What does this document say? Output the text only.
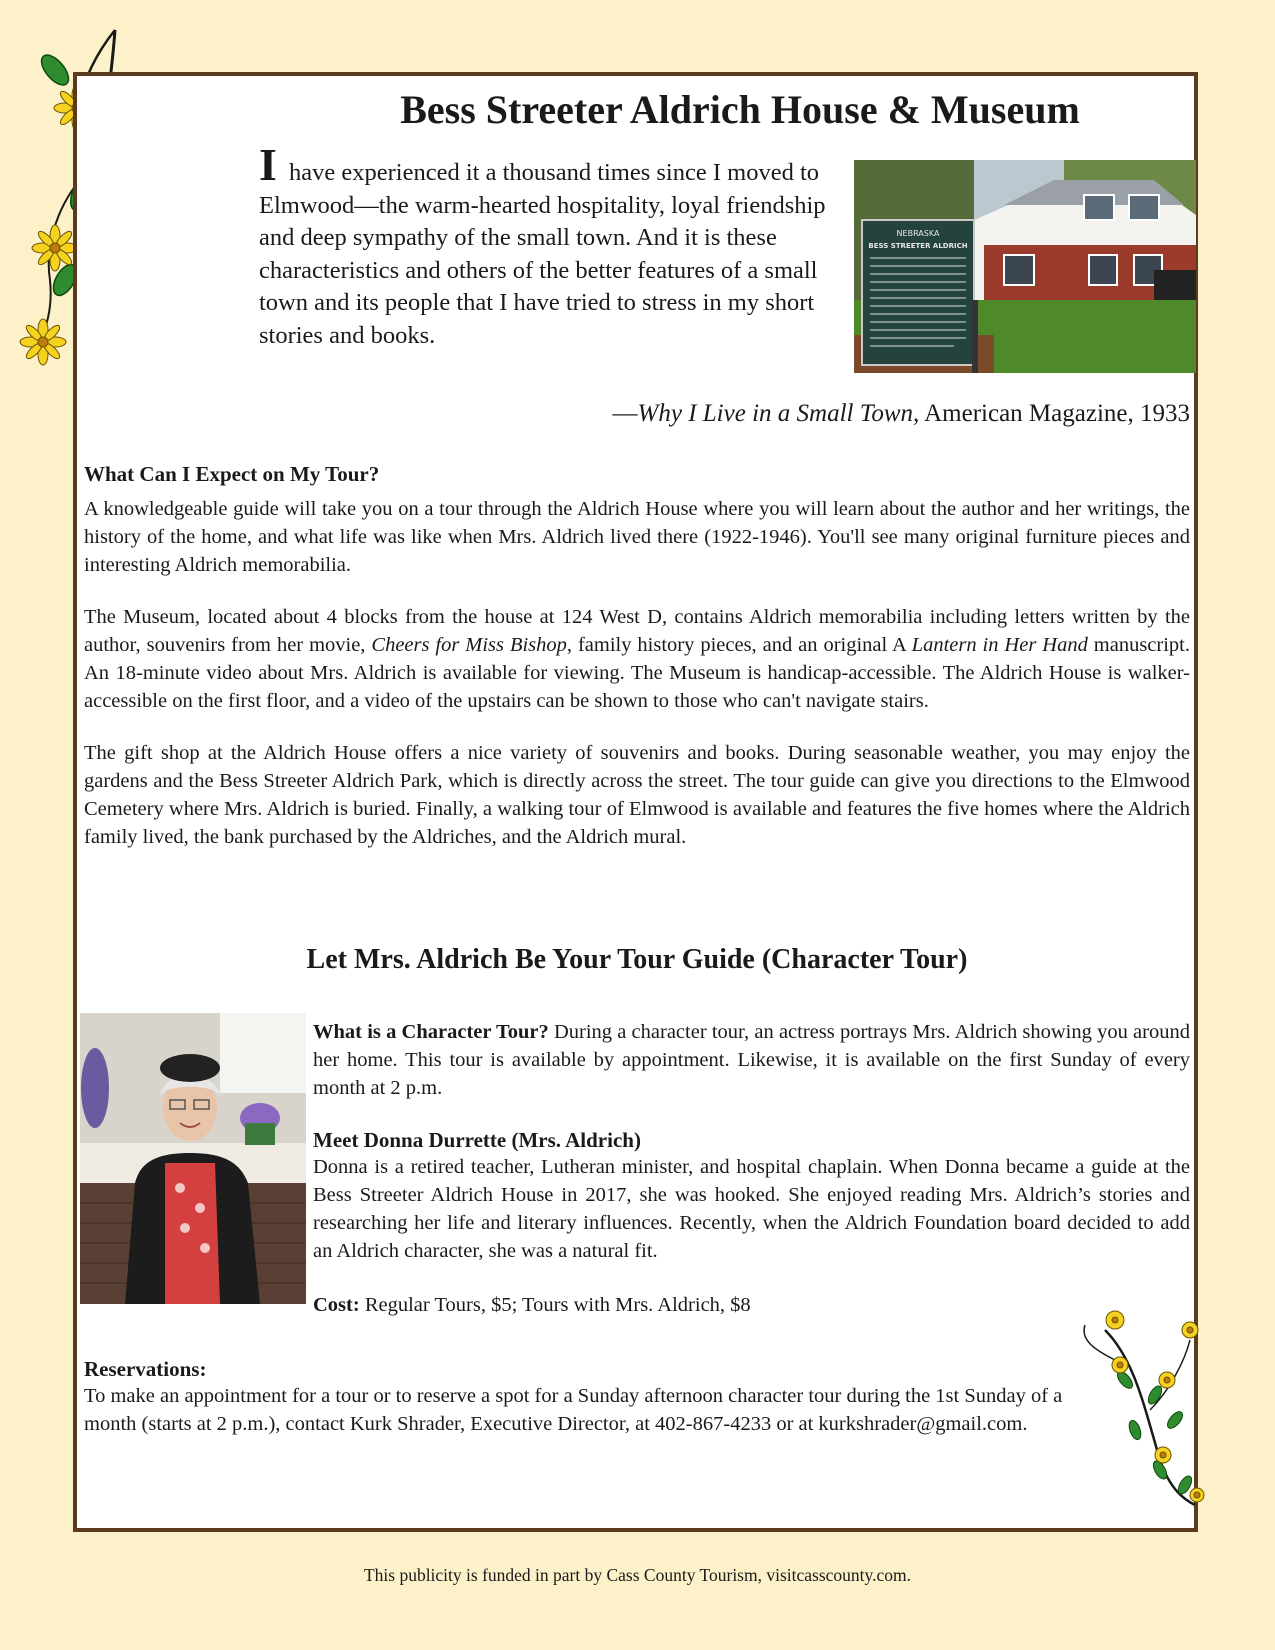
Bess Streeter Aldrich House & Museum

I have experienced it a thousand times since I moved to Elmwood—the warm-hearted hospitality, loyal friendship and deep sympathy of the small town. And it is these characteristics and others of the better features of a small town and its people that I have tried to stress in my short stories and books.

—Why I Live in a Small Town, American Magazine, 1933

NEBRASKA
BESS STREETER ALDRICH

What Can I Expect on My Tour?

A knowledgeable guide will take you on a tour through the Aldrich House where you will learn about the author and her writings, the history of the home, and what life was like when Mrs. Aldrich lived there (1922-1946). You'll see many original furniture pieces and interesting Aldrich memorabilia.

The Museum, located about 4 blocks from the house at 124 West D, contains Aldrich memorabilia including letters written by the author, souvenirs from her movie, Cheers for Miss Bishop, family history pieces, and an original A Lantern in Her Hand manuscript. An 18-minute video about Mrs. Aldrich is available for viewing. The Museum is handicap-accessible. The Aldrich House is walker-accessible on the first floor, and a video of the upstairs can be shown to those who can't navigate stairs.

The gift shop at the Aldrich House offers a nice variety of souvenirs and books. During seasonable weather, you may enjoy the gardens and the Bess Streeter Aldrich Park, which is directly across the street. The tour guide can give you directions to the Elmwood Cemetery where Mrs. Aldrich is buried. Finally, a walking tour of Elmwood is available and features the five homes where the Aldrich family lived, the bank purchased by the Aldriches, and the Aldrich mural.

Let Mrs. Aldrich Be Your Tour Guide (Character Tour)

What is a Character Tour? During a character tour, an actress portrays Mrs. Aldrich showing you around her home. This tour is available by appointment. Likewise, it is available on the first Sunday of every month at 2 p.m.

Meet Donna Durrette (Mrs. Aldrich)

Donna is a retired teacher, Lutheran minister, and hospital chaplain. When Donna became a guide at the Bess Streeter Aldrich House in 2017, she was hooked. She enjoyed reading Mrs. Aldrich’s stories and researching her life and literary influences. Recently, when the Aldrich Foundation board decided to add an Aldrich character, she was a natural fit.

Cost: Regular Tours, $5; Tours with Mrs. Aldrich, $8

Reservations:

To make an appointment for a tour or to reserve a spot for a Sunday afternoon character tour during the 1st Sunday of a month (starts at 2 p.m.), contact Kurk Shrader, Executive Director, at 402-867-4233 or at kurkshrader@gmail.com.

This publicity is funded in part by Cass County Tourism, visitcasscounty.com.
